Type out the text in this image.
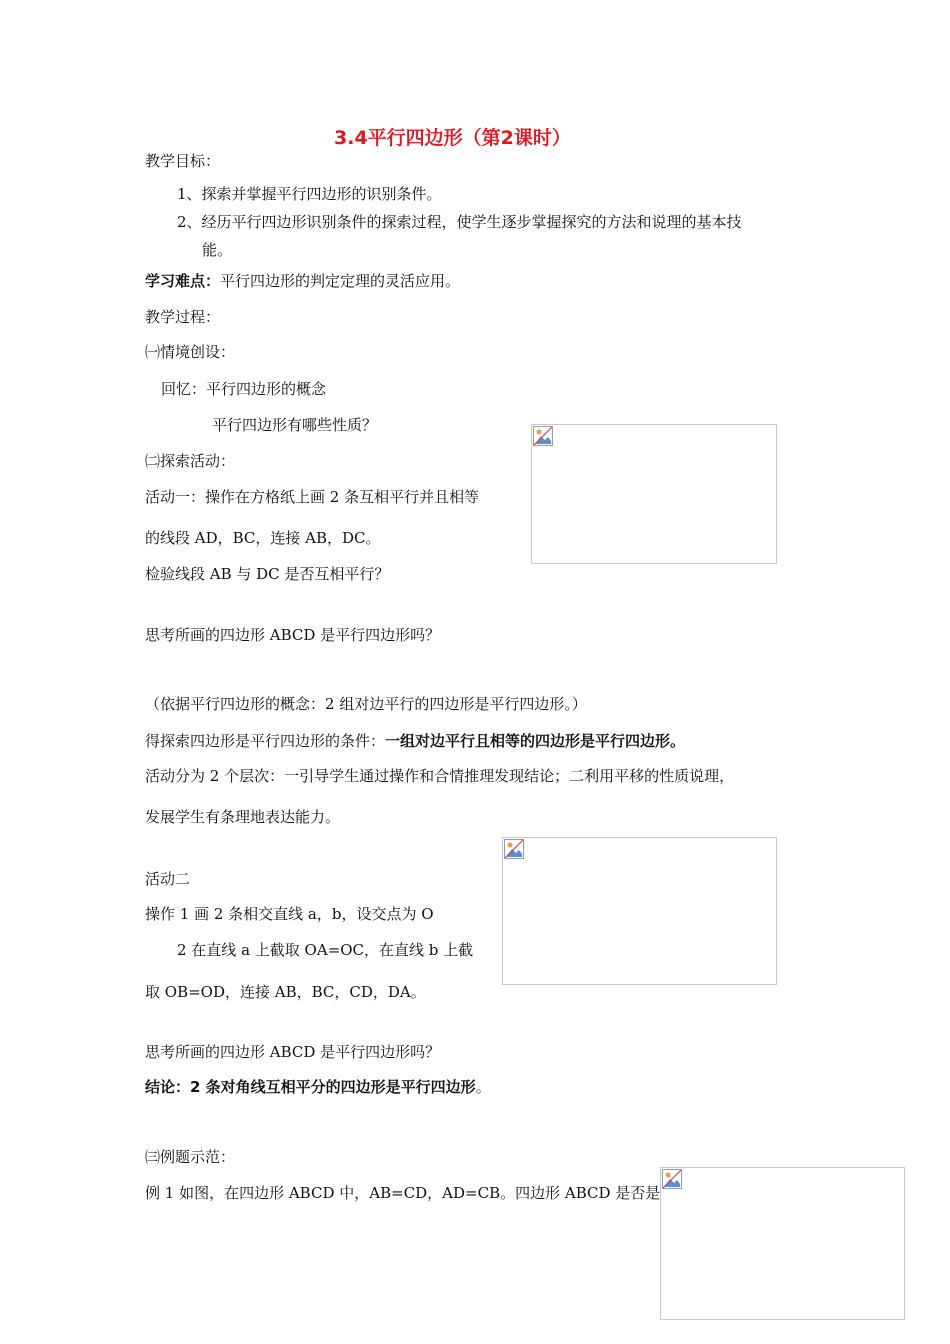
3.4平行四边形（第2课时）
教学目标：
1、探索并掌握平行四边形的识别条件。
2、经历平行四边形识别条件的探索过程，使学生逐步掌握探究的方法和说理的基本技
能。
学习难点：平行四边形的判定定理的灵活应用。
教学过程：
㈠情境创设：
回忆：平行四边形的概念
平行四边形有哪些性质？
㈡探索活动：
活动一：操作在方格纸上画 2 条互相平行并且相等
的线段 AD，BC，连接 AB，DC。
检验线段 AB 与 DC 是否互相平行？
思考所画的四边形 ABCD 是平行四边形吗？
（依据平行四边形的概念：2 组对边平行的四边形是平行四边形。）
得探索四边形是平行四边形的条件：一组对边平行且相等的四边形是平行四边形。
活动分为 2 个层次：一引导学生通过操作和合情推理发现结论；二利用平移的性质说理，
发展学生有条理地表达能力。
活动二
操作 1 画 2 条相交直线 a，b，设交点为 O
2 在直线 a 上截取 OA=OC，在直线 b 上截
取 OB=OD，连接 AB，BC，CD，DA。
思考所画的四边形 ABCD 是平行四边形吗？
结论：2 条对角线互相平分的四边形是平行四边形。
㈢例题示范：
例 1 如图，在四边形 ABCD 中，AB=CD，AD=CB。四边形 ABCD 是否是
